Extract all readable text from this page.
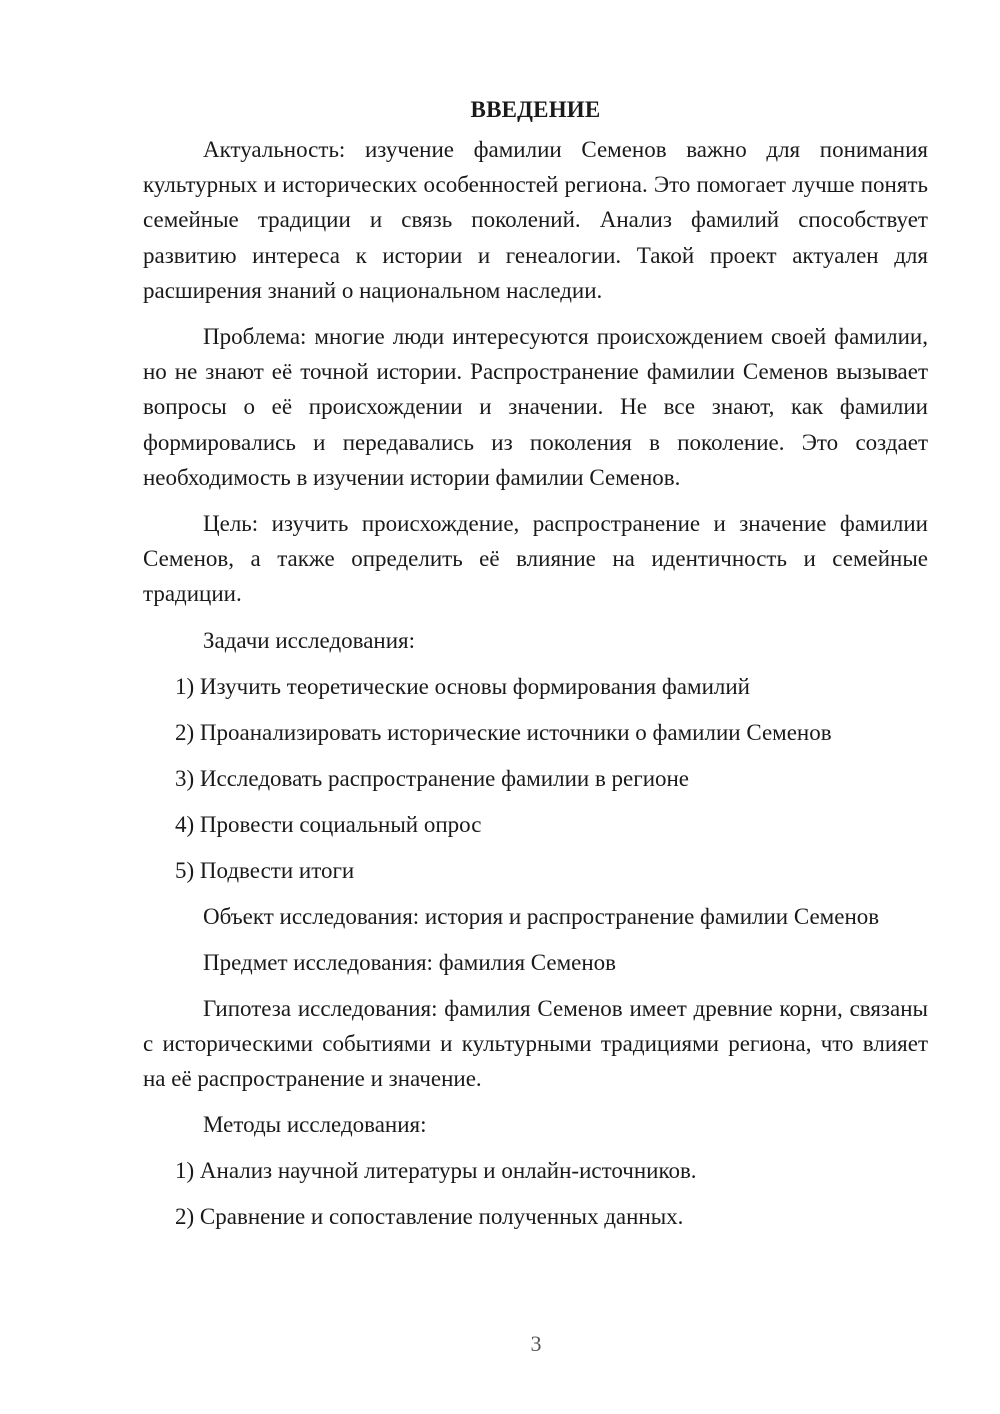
ВВЕДЕНИЕ

Актуальность: изучение фамилии Семенов важно для понимания культурных и исторических особенностей региона. Это помогает лучше понять семейные традиции и связь поколений. Анализ фамилий способствует развитию интереса к истории и генеалогии. Такой проект актуален для расширения знаний о национальном наследии.

Проблема: многие люди интересуются происхождением своей фамилии, но не знают её точной истории. Распространение фамилии Семенов вызывает вопросы о её происхождении и значении. Не все знают, как фамилии формировались и передавались из поколения в поколение. Это создает необходимость в изучении истории фамилии Семенов.

Цель: изучить происхождение, распространение и значение фамилии Семенов, а также определить её влияние на идентичность и семейные традиции.

Задачи исследования:

1) Изучить теоретические основы формирования фамилий

2) Проанализировать исторические источники о фамилии Семенов

3) Исследовать распространение фамилии в регионе

4) Провести социальный опрос

5) Подвести итоги

Объект исследования: история и распространение фамилии Семенов

Предмет исследования: фамилия Семенов

Гипотеза исследования: фамилия Семенов имеет древние корни, связаны с историческими событиями и культурными традициями региона, что влияет на её распространение и значение.

Методы исследования:

1) Анализ научной литературы и онлайн-источников.

2) Сравнение и сопоставление полученных данных.

3
